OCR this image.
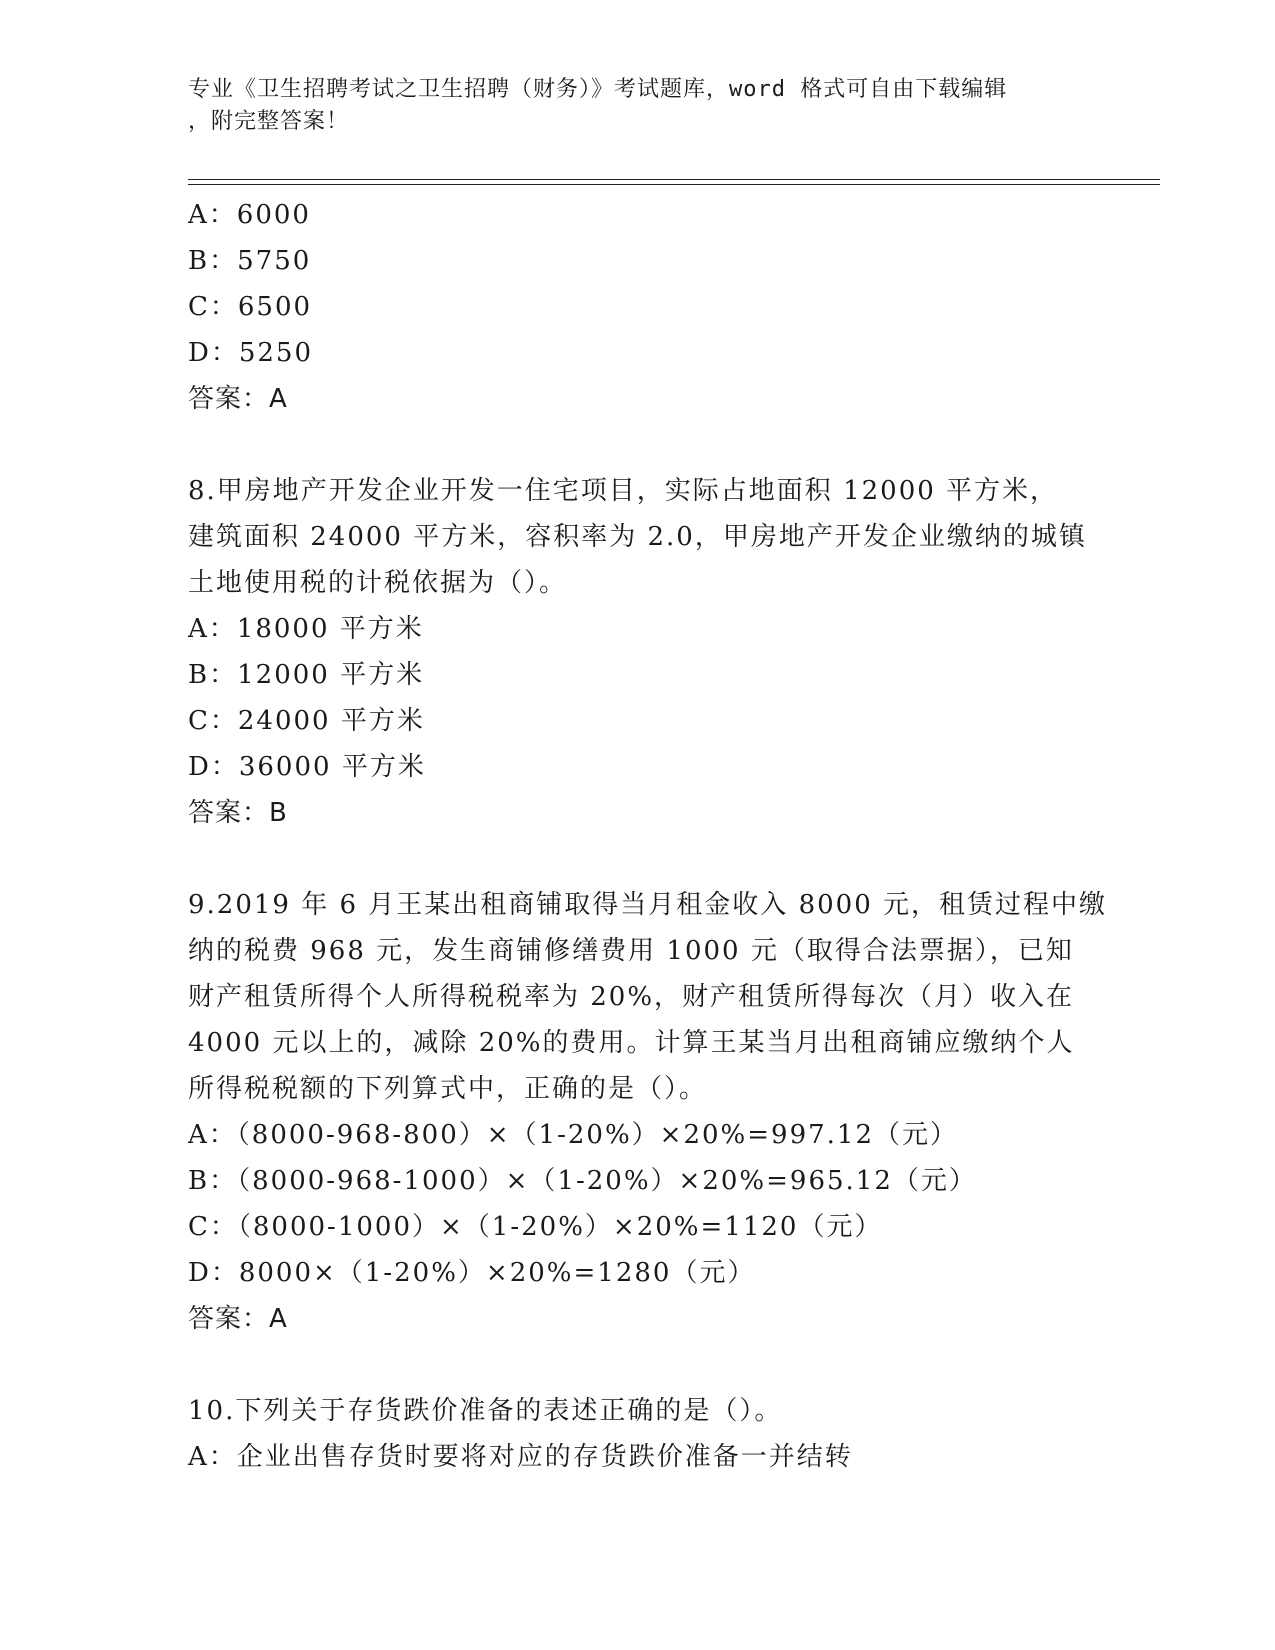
专业《卫生招聘考试之卫生招聘（财务）》考试题库，word 格式可自由下载编辑
，附完整答案！
A：6000
B：5750
C：6500
D：5250
答案：A
8.甲房地产开发企业开发一住宅项目，实际占地面积 12000 平方米，
建筑面积 24000 平方米，容积率为 2.0，甲房地产开发企业缴纳的城镇
土地使用税的计税依据为（）。
A：18000 平方米
B：12000 平方米
C：24000 平方米
D：36000 平方米
答案：B
9.2019 年 6 月王某出租商铺取得当月租金收入 8000 元，租赁过程中缴
纳的税费 968 元，发生商铺修缮费用 1000 元（取得合法票据），已知
财产租赁所得个人所得税税率为 20%，财产租赁所得每次（月）收入在
4000 元以上的，减除 20%的费用。计算王某当月出租商铺应缴纳个人
所得税税额的下列算式中，正确的是（）。
A：（8000-968-800）×（1-20%）×20%=997.12（元）
B：（8000-968-1000）×（1-20%）×20%=965.12（元）
C：（8000-1000）×（1-20%）×20%=1120（元）
D：8000×（1-20%）×20%=1280（元）
答案：A
10.下列关于存货跌价准备的表述正确的是（）。
A：企业出售存货时要将对应的存货跌价准备一并结转
